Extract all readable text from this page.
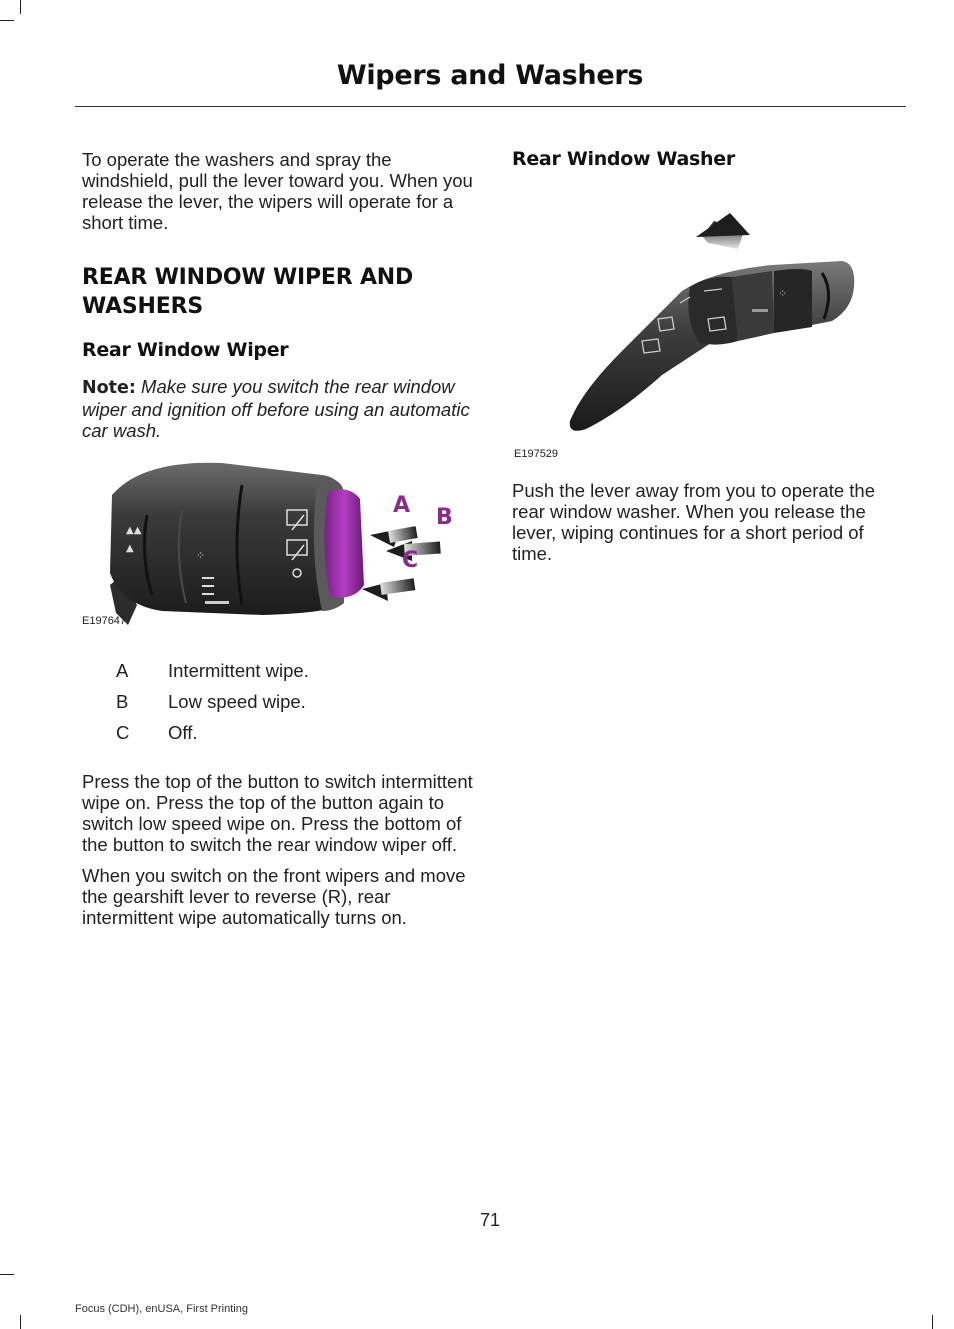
Wipers and Washers

To operate the washers and spray the windshield, pull the lever toward you. When you release the lever, the wipers will operate for a short time.

REAR WINDOW WIPER AND WASHERS
Rear Window Wiper

Note: Make sure you switch the rear window wiper and ignition off before using an automatic car wash.

▲▲
▲
⁘
A B
C
E197647
A	Intermittent wipe.
B	Low speed wipe.
C	Off.

Press the top of the button to switch intermittent wipe on. Press the top of the button again to switch low speed wipe on. Press the bottom of the button to switch the rear window wiper off.

When you switch on the front wipers and move the gearshift lever to reverse (R), rear intermittent wipe automatically turns on.

Rear Window Washer
⁘
E197529

Push the lever away from you to operate the rear window washer. When you release the lever, wiping continues for a short period of time.

71
Focus (CDH), enUSA, First Printing
